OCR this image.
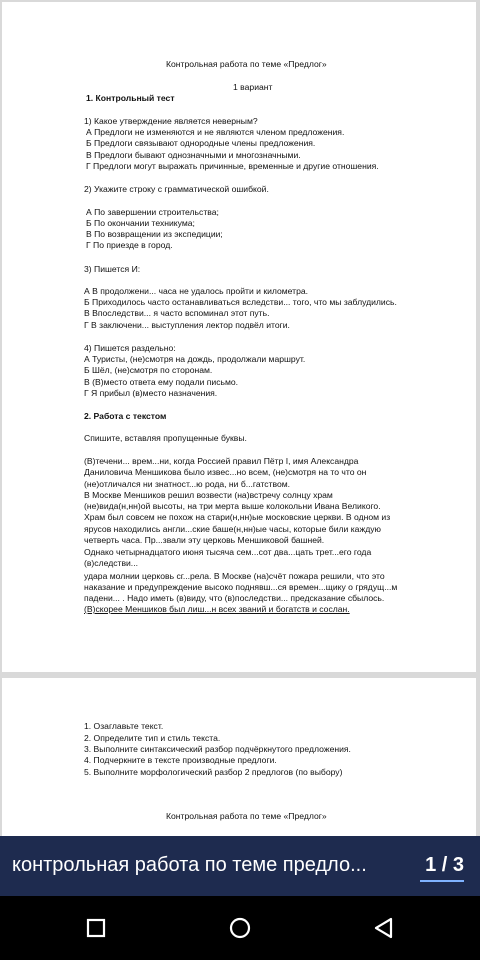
Контрольная работа по теме «Предлог»
1 вариант
1. Контрольный тест
1) Какое утверждение является неверным?
А Предлоги не изменяются и не являются членом предложения.
Б Предлоги связывают однородные члены предложения.
В Предлоги бывают однозначными и многозначными.
Г Предлоги могут выражать причинные, временные и другие отношения.
2) Укажите строку с грамматической ошибкой.
А По завершении строительства;
Б По окончании техникума;
В По возвращении из экспедиции;
Г По приезде в город.
3) Пишется И:
А В продолжени... часа не удалось пройти и километра.
Б Приходилось часто останавливаться вследстви... того, что мы заблудились.
В Впоследстви... я часто вспоминал этот путь.
Г В заключени... выступления лектор подвёл итоги.
4) Пишется раздельно:
А Туристы, (не)смотря на дождь, продолжали маршрут.
Б Шёл, (не)смотря по сторонам.
В (В)место ответа ему подали письмо.
Г Я прибыл (в)место назначения.
2. Работа с текстом
Спишите, вставляя пропущенные буквы.
(В)течени... врем...ни, когда Россией правил Пётр I, имя Александра
Даниловича Меншикова было извес...но всем, (не)смотря на то что он
(не)отличался ни знатност...ю рода, ни б...гатством.
В Москве Меншиков решил возвести (на)встречу солнцу храм
(не)вида(н,нн)ой высоты, на три мерта выше колокольни Ивана Великого.
Храм был совсем не похож на стари(н,нн)ые московские церкви. В одном из
ярусов находились англи...ские баше(н,нн)ые часы, которые били каждую
четверть часа. Пр...звали эту церковь Меншиковой башней.
Однако четырнадцатого июня тысяча сем...сот два...цать трет...его года
(в)следстви...
удара молнии церковь сг...рела. В Москве (на)счёт пожара решили, что это
наказание и предупреждение высоко поднявш...ся времен...щику о грядущ...м
падени... . Надо иметь (в)виду, что (в)последстви... предсказание сбылось.
(В)скорее Меншиков был лиш...н всех званий и богатств и сослан.
1. Озаглавьте текст.
2. Определите тип и стиль текста.
3. Выполните синтаксический разбор подчёркнутого предложения.
4. Подчеркните в тексте производные предлоги.
5. Выполните морфологический разбор 2 предлогов (по выбору)
Контрольная работа по теме «Предлог»
контрольная работа по теме предло...	1 / 3
